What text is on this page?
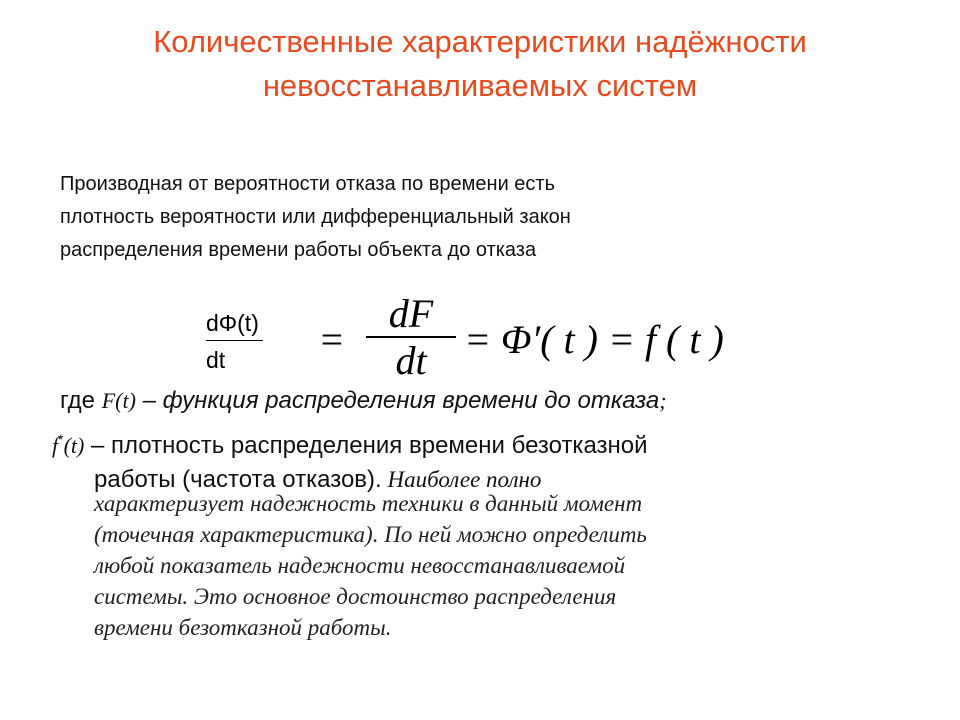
Количественные характеристики надёжности
невосстанавливаемых систем
Производная от вероятности отказа по времени есть
плотность вероятности или дифференциальный закон
распределения времени работы объекта до отказа
$\frac{d\Phi(t)}{dt} = \frac{dF}{dt} = \Phi'$( t ) = f ( t )
где F(t) – функция распределения времени до отказа;
f*(t) – плотность распределения времени безотказной
работы (частота отказов). Наиболее полно
характеризует надежность техники в данный момент
(точечная характеристика). По ней можно определить
любой показатель надежности невосстанавливаемой
системы. Это основное достоинство распределения
времени безотказной работы.
